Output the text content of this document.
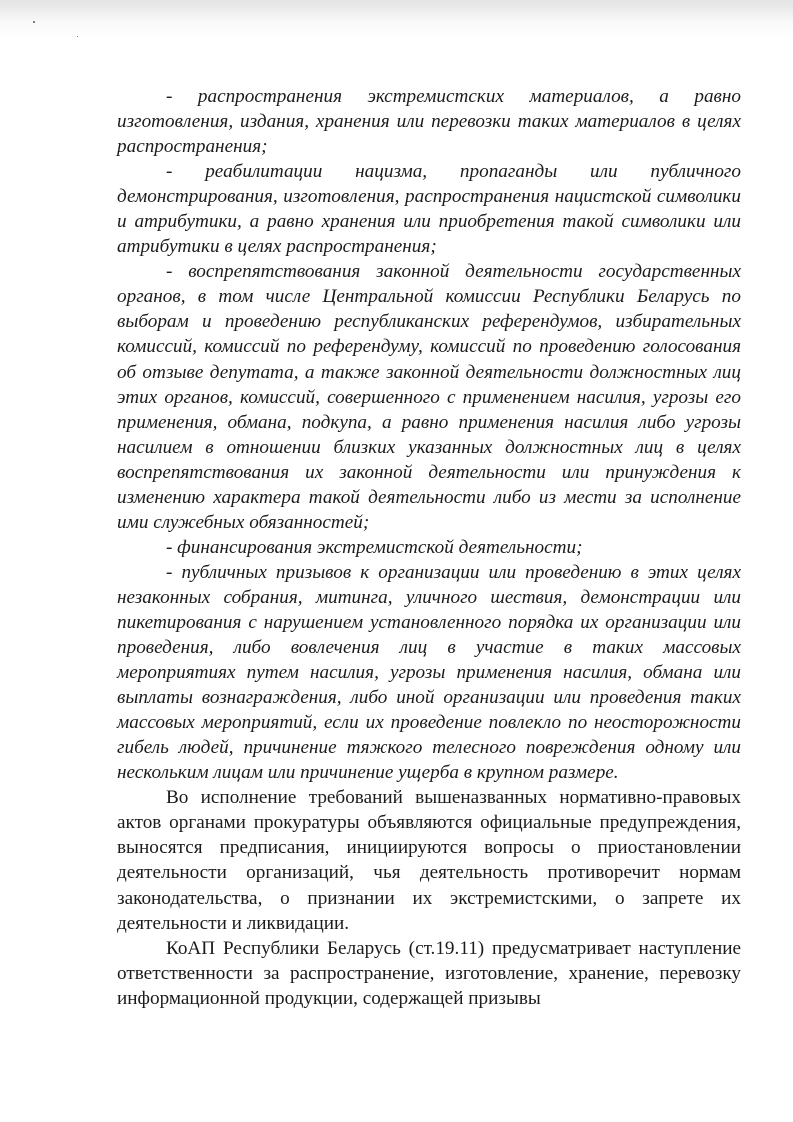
- распространения экстремистских материалов, а равно изготовления, издания, хранения или перевозки таких материалов в целях распространения;

- реабилитации нацизма, пропаганды или публичного демонстрирования, изготовления, распространения нацистской символики и атрибутики, а равно хранения или приобретения такой символики или атрибутики в целях распространения;

- воспрепятствования законной деятельности государственных органов, в том числе Центральной комиссии Республики Беларусь по выборам и проведению республиканских референдумов, избирательных комиссий, комиссий по референдуму, комиссий по проведению голосования об отзыве депутата, а также законной деятельности должностных лиц этих органов, комиссий, совершенного с применением насилия, угрозы его применения, обмана, подкупа, а равно применения насилия либо угрозы насилием в отношении близких указанных должностных лиц в целях воспрепятствования их законной деятельности или принуждения к изменению характера такой деятельности либо из мести за исполнение ими служебных обязанностей;

- финансирования экстремистской деятельности;

- публичных призывов к организации или проведению в этих целях незаконных собрания, митинга, уличного шествия, демонстрации или пикетирования с нарушением установленного порядка их организации или проведения, либо вовлечения лиц в участие в таких массовых мероприятиях путем насилия, угрозы применения насилия, обмана или выплаты вознаграждения, либо иной организации или проведения таких массовых мероприятий, если их проведение повлекло по неосторожности гибель людей, причинение тяжкого телесного повреждения одному или нескольким лицам или причинение ущерба в крупном размере.

Во исполнение требований вышеназванных нормативно-правовых актов органами прокуратуры объявляются официальные предупреждения, выносятся предписания, инициируются вопросы о приостановлении деятельности организаций, чья деятельность противоречит нормам законодательства, о признании их экстремистскими, о запрете их деятельности и ликвидации.

КоАП Республики Беларусь (ст.19.11) предусматривает наступление ответственности за распространение, изготовление, хранение, перевозку информационной продукции, содержащей призывы
